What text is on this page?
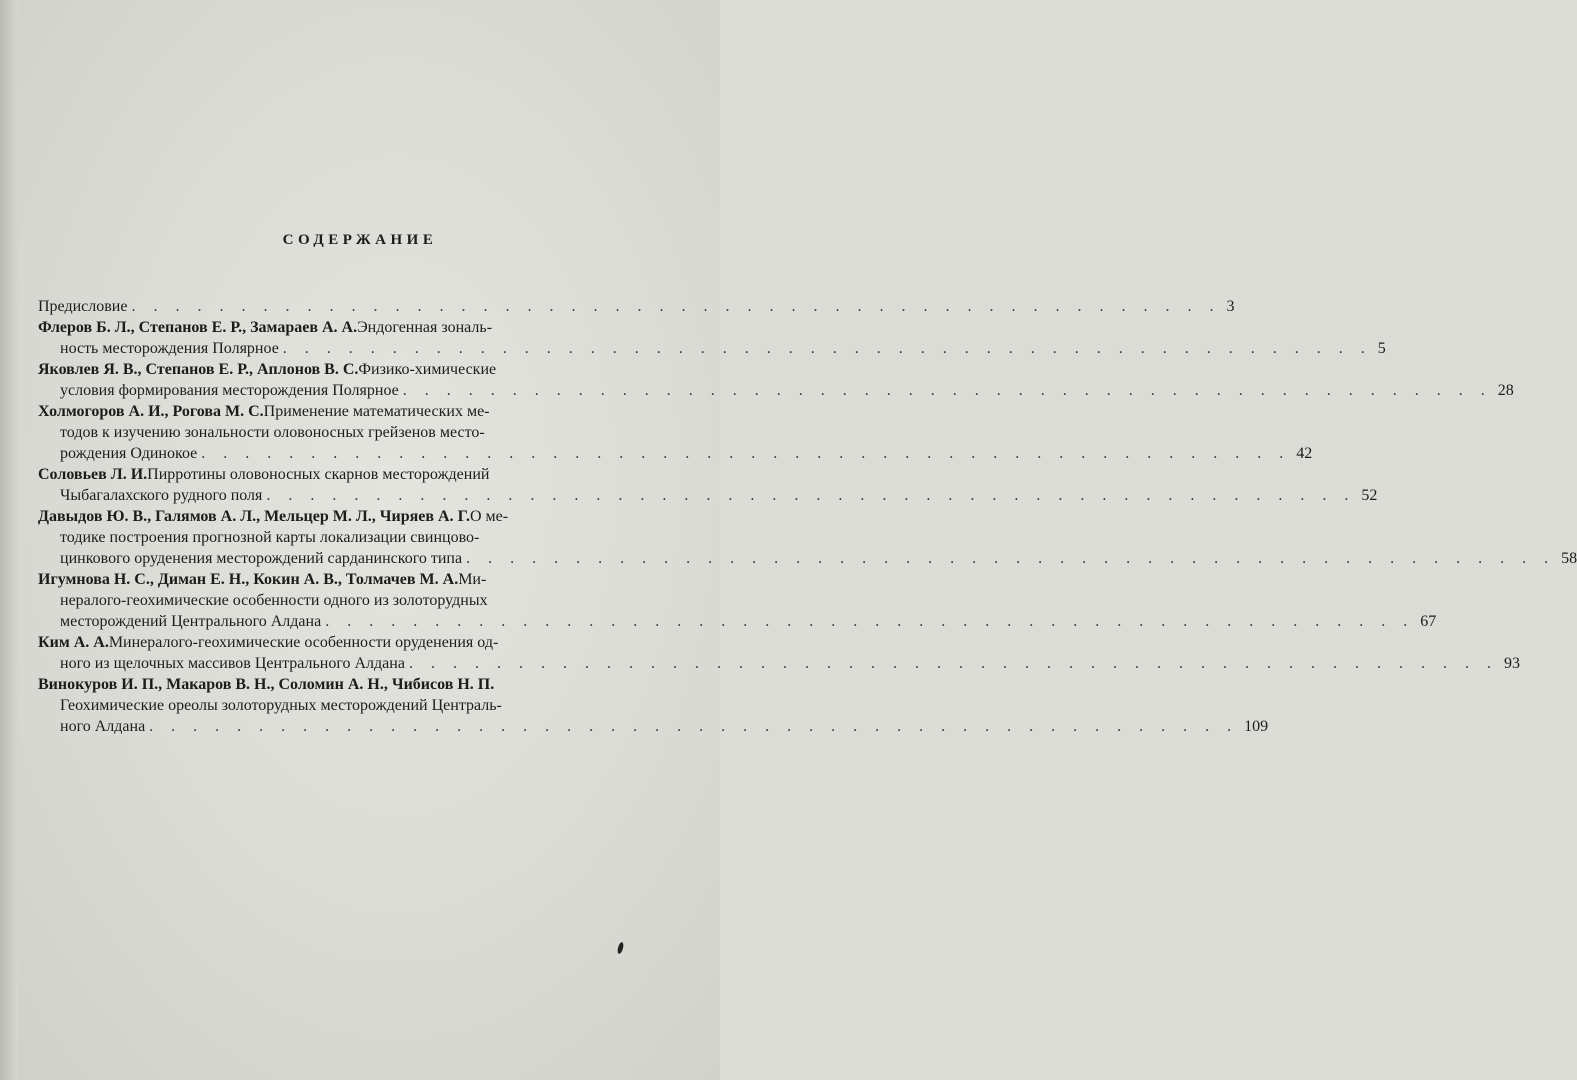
СОДЕРЖАНИЕ
Предисловие . . . . . . . . . . . . . . . . . . . . . . . . . . . . . . . . . . . . . . . . . . . . . . . . . . 3
Флеров Б. Л., Степанов Е. Р., Замараев А. А. Эндогенная зональ-
ность месторождения Полярное . . . . . . . . . . . . . . . . . . . . . . . . . . . . . . . . . . . . . . . . . . . . . . . . . . 5
Яковлев Я. В., Степанов Е. Р., Аплонов В. С. Физико-химические
условия формирования месторождения Полярное . . . . . . . . . . . . . . . . . . . . . . . . . . . . . . . . . . . . . . . . . . . . . . . . . . 28
Холмогоров А. И., Рогова М. С. Применение математических ме-
тодов к изучению зональности оловоносных грейзенов место-
рождения Одинокое . . . . . . . . . . . . . . . . . . . . . . . . . . . . . . . . . . . . . . . . . . . . . . . . . . 42
Соловьев Л. И. Пирротины оловоносных скарнов месторождений
Чыбагалахского рудного поля . . . . . . . . . . . . . . . . . . . . . . . . . . . . . . . . . . . . . . . . . . . . . . . . . . 52
Давыдов Ю. В., Галямов А. Л., Мельцер М. Л., Чиряев А. Г. О ме-
тодике построения прогнозной карты локализации свинцово-
цинкового оруденения месторождений сарданинского типа . . . . . . . . . . . . . . . . . . . . . . . . . . . . . . . . . . . . . . . . . . . . . . . . . . 58
Игумнова Н. С., Диман Е. Н., Кокин А. В., Толмачев М. А. Ми-
нералого-геохимические особенности одного из золоторудных
месторождений Центрального Алдана . . . . . . . . . . . . . . . . . . . . . . . . . . . . . . . . . . . . . . . . . . . . . . . . . . 67
Ким А. А. Минералого-геохимические особенности оруденения од-
ного из щелочных массивов Центрального Алдана . . . . . . . . . . . . . . . . . . . . . . . . . . . . . . . . . . . . . . . . . . . . . . . . . . 93
Винокуров И. П., Макаров В. Н., Соломин А. Н., Чибисов Н. П.
Геохимические ореолы золоторудных месторождений Централь-
ного Алдана . . . . . . . . . . . . . . . . . . . . . . . . . . . . . . . . . . . . . . . . . . . . . . . . . . 109
